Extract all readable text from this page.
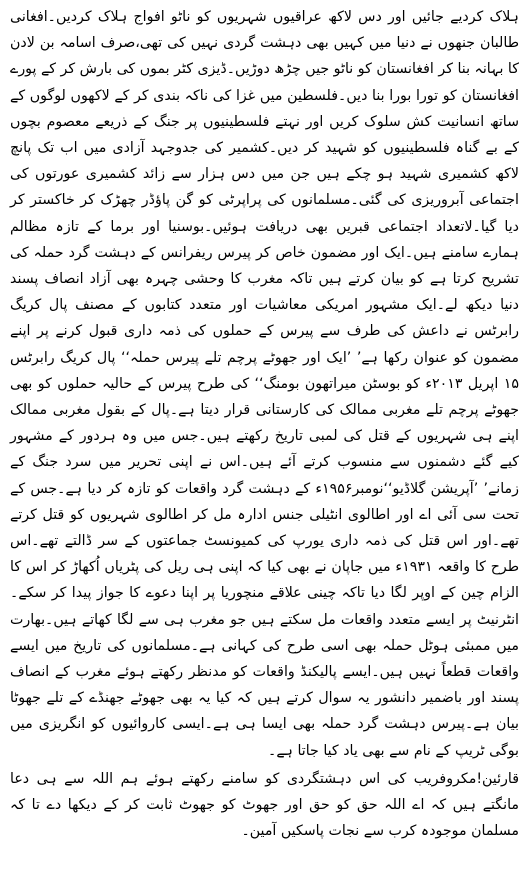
ہلاک کردیے جائیں اور دس لاکھ عراقیوں شہریوں کو ناٹو افواج ہلاک کردیں۔افغانی طالبان جنھوں نے دنیا میں کہیں بھی دہشت گردی نہیں کی تھی،صرف اسامہ بن لادن کا بہانہ بنا کر افغانستان کو ناٹو جیں چڑھ دوڑیں۔ڈیزی کٹر بموں کی بارش کر کے پورے افغانستان کو تورا بورا بنا دیں۔فلسطین میں غزا کی ناکہ بندی کر کے لاکھوں لوگوں کے ساتھ انسانیت کش سلوک کریں اور نہتے فلسطینیوں پر جنگ کے ذریعے معصوم بچوں کے بے گناہ فلسطینیوں کو شہید کر دیں۔کشمیر کی جدوجہد آزادی میں اب تک پانچ لاکھ کشمیری شہید ہو چکے ہیں جن میں دس ہزار سے زائد کشمیری عورتوں کی اجتماعی آبروریزی کی گئی۔مسلمانوں کی پراپرٹی کو گن پاؤڈر چھڑک کر خاکستر کر دیا گیا۔لاتعداد اجتماعی قبریں بھی دریافت ہوئیں۔بوسنیا اور برما کے تازہ مظالم ہمارے سامنے ہیں۔ایک اور مضمون خاص کر پیرس ریفرانس کے دہشت گرد حملہ کی تشریح کرتا ہے کو بیان کرتے ہیں تاکہ مغرب کا وحشی چہرہ بھی آزاد انصاف پسند دنیا دیکھ لے۔ایک مشہور امریکی معاشیات اور متعدد کتابوں کے مصنف پال کریگ رابرٹس نے داعش کی طرف سے پیرس کے حملوں کی ذمہ داری قبول کرنے پر اپنے مضمون کو عنوان رکھا ہے’ ’ایک اور جھوٹے پرچم تلے پیرس حملہ‘‘ پال کریگ رابرٹس ۱۵ اپریل ۲۰۱۳ء کو بوسٹن میراتھون بومنگ‘‘ کی طرح پیرس کے حالیہ حملوں کو بھی جھوٹے پرچم تلے مغربی ممالک کی کارستانی قرار دیتا ہے۔پال کے بقول مغربی ممالک اپنے ہی شہریوں کے قتل کی لمبی تاریخ رکھتے ہیں۔جس میں وہ ہردور کے مشہور کیے گئے دشمنوں سے منسوب کرتے آئے ہیں۔اس نے اپنی تحریر میں سرد جنگ کے زمانے’ ’آپریشن گلاڈیو‘‘نومبر۱۹۵۶ء کے دہشت گرد واقعات کو تازہ کر دیا ہے۔جس کے تحت سی آئی اے اور اطالوی انٹیلی جنس ادارہ مل کر اطالوی شہریوں کو قتل کرتے تھے۔اور اس قتل کی ذمہ داری یورپ کی کمیونسٹ جماعتوں کے سر ڈالتے تھے۔اس طرح کا واقعہ ۱۹۳۱ء میں جاپان نے بھی کیا کہ اپنی ہی ریل کی پٹریاں اُکھاڑ کر اس کا الزام چین کے اوپر لگا دیا تاکہ چینی علاقے منچوریا پر اپنا دعوے کا جواز پیدا کر سکے۔انٹرنیٹ پر ایسے متعدد واقعات مل سکتے ہیں جو مغرب ہی سے لگا کھاتے ہیں۔بھارت میں ممبئی ہوٹل حملہ بھی اسی طرح کی کہانی ہے۔مسلمانوں کی تاریخ میں ایسے واقعات قطعاً نہیں ہیں۔ایسے پالیکنڈ واقعات کو مدنظر رکھتے ہوئے مغرب کے انصاف پسند اور باضمیر دانشور یہ سوال کرتے ہیں کہ کیا یہ بھی جھوٹے جھنڈے کے تلے جھوٹا بیان ہے۔پیرس دہشت گرد حملہ بھی ایسا ہی ہے۔ایسی کاروائیوں کو انگریزی میں بوگی ٹریپ کے نام سے بھی یاد کیا جاتا ہے۔

قارئین!مکروفریب کی اس دہشتگردی کو سامنے رکھتے ہوئے ہم اللہ سے ہی دعا مانگتے ہیں کہ اے اللہ حق کو حق اور جھوٹ کو جھوٹ ثابت کر کے دیکھا دے تا کہ مسلمان موجودہ کرب سے نجات پاسکیں آمین۔
